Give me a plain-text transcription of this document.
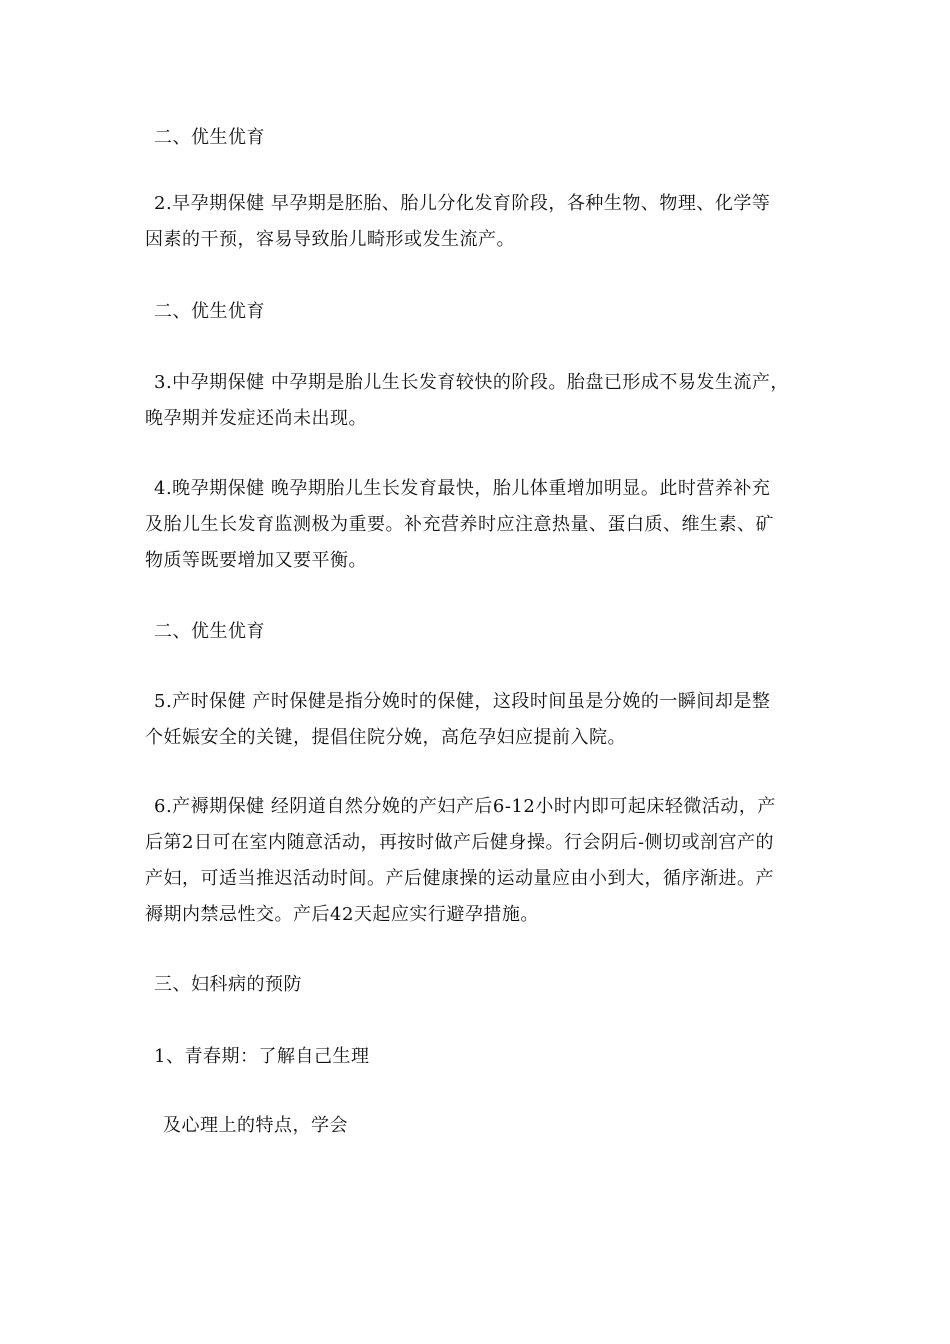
二、优生优育
2.早孕期保健 早孕期是胚胎、胎儿分化发育阶段，各种生物、物理、化学等
因素的干预，容易导致胎儿畸形或发生流产。
二、优生优育
3.中孕期保健 中孕期是胎儿生长发育较快的阶段。胎盘已形成不易发生流产，
晚孕期并发症还尚未出现。
4.晚孕期保健 晚孕期胎儿生长发育最快，胎儿体重增加明显。此时营养补充
及胎儿生长发育监测极为重要。补充营养时应注意热量、蛋白质、维生素、矿
物质等既要增加又要平衡。
二、优生优育
5.产时保健 产时保健是指分娩时的保健，这段时间虽是分娩的一瞬间却是整
个妊娠安全的关键，提倡住院分娩，高危孕妇应提前入院。
6.产褥期保健 经阴道自然分娩的产妇产后6-12小时内即可起床轻微活动，产
后第2日可在室内随意活动，再按时做产后健身操。行会阴后-侧切或剖宫产的
产妇，可适当推迟活动时间。产后健康操的运动量应由小到大，循序渐进。产
褥期内禁忌性交。产后42天起应实行避孕措施。
三、妇科病的预防
1、青春期：了解自己生理
及心理上的特点，学会
